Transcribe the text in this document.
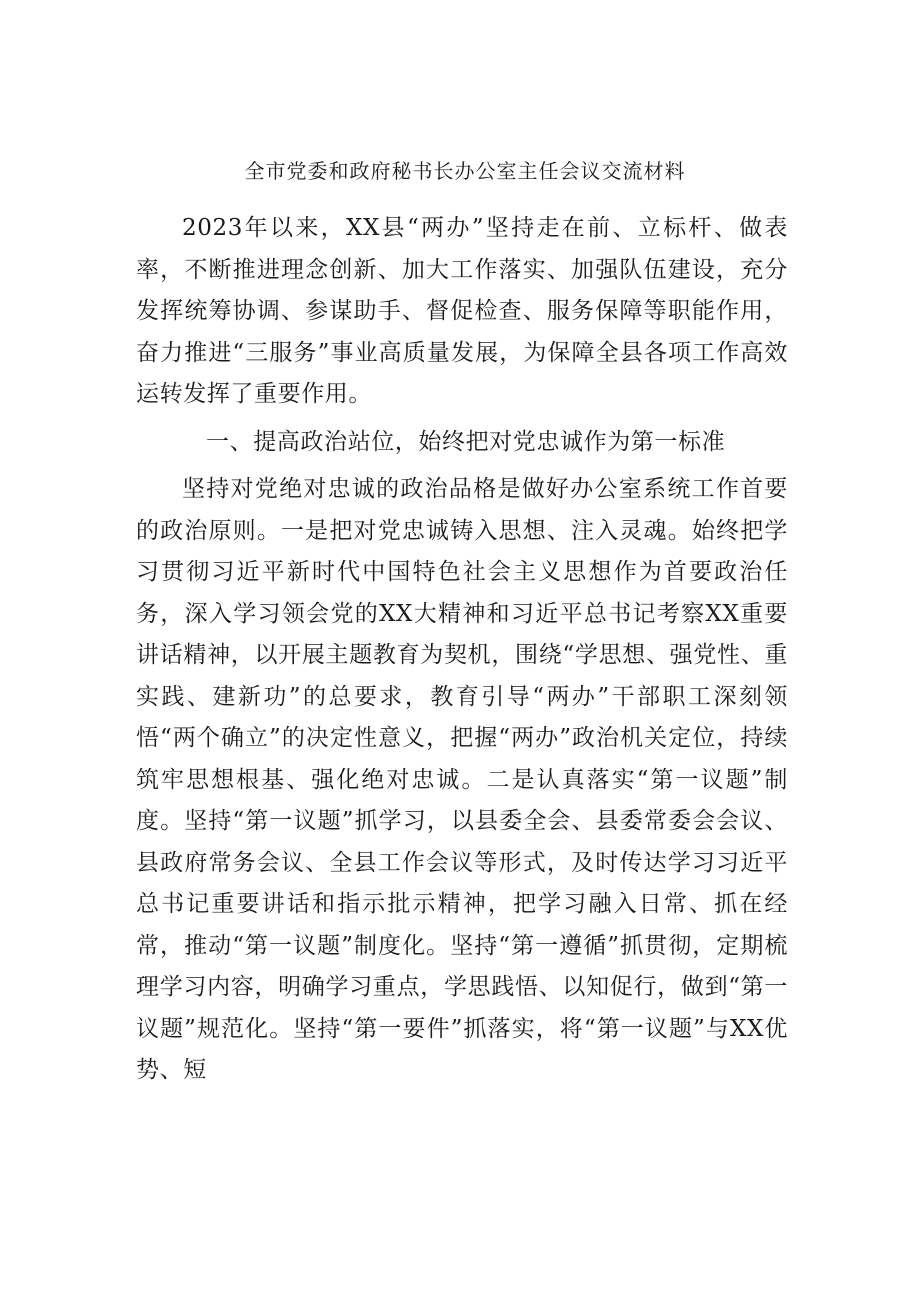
全市党委和政府秘书长办公室主任会议交流材料

2023年以来，XX县“两办”坚持走在前、立标杆、做表率，不断推进理念创新、加大工作落实、加强队伍建设，充分发挥统筹协调、参谋助手、督促检查、服务保障等职能作用，奋力推进“三服务”事业高质量发展，为保障全县各项工作高效运转发挥了重要作用。

一、提高政治站位，始终把对党忠诚作为第一标准

坚持对党绝对忠诚的政治品格是做好办公室系统工作首要的政治原则。一是把对党忠诚铸入思想、注入灵魂。始终把学习贯彻习近平新时代中国特色社会主义思想作为首要政治任务，深入学习领会党的XX大精神和习近平总书记考察XX重要讲话精神，以开展主题教育为契机，围绕“学思想、强党性、重实践、建新功”的总要求，教育引导“两办”干部职工深刻领悟“两个确立”的决定性意义，把握“两办”政治机关定位，持续筑牢思想根基、强化绝对忠诚。二是认真落实“第一议题”制度。坚持“第一议题”抓学习，以县委全会、县委常委会会议、县政府常务会议、全县工作会议等形式，及时传达学习习近平总书记重要讲话和指示批示精神，把学习融入日常、抓在经常，推动“第一议题”制度化。坚持“第一遵循”抓贯彻，定期梳理学习内容，明确学习重点，学思践悟、以知促行，做到“第一议题”规范化。坚持“第一要件”抓落实，将“第一议题”与XX优势、短
